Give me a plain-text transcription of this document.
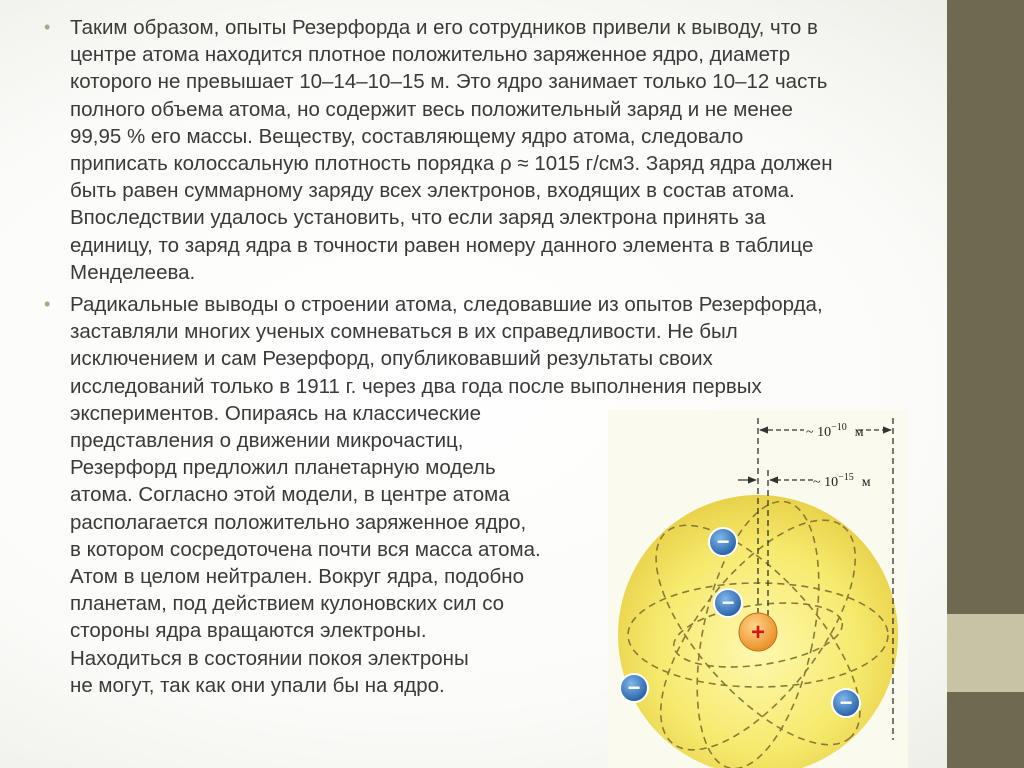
• Таким образом, опыты Резерфорда и его сотрудников привели к выводу, что в
центре атома находится плотное положительно заряженное ядро, диаметр
которого не превышает 10–14–10–15 м. Это ядро занимает только 10–12 часть
полного объема атома, но содержит весь положительный заряд и не менее
99,95 % его массы. Веществу, составляющему ядро атома, следовало
приписать колоссальную плотность порядка ρ ≈ 1015 г/см3. Заряд ядра должен
быть равен суммарному заряду всех электронов, входящих в состав атома.
Впоследствии удалось установить, что если заряд электрона принять за
единицу, то заряд ядра в точности равен номеру данного элемента в таблице
Менделеева.
• Радикальные выводы о строении атома, следовавшие из опытов Резерфорда,
заставляли многих ученых сомневаться в их справедливости. Не был
исключением и сам Резерфорд, опубликовавший результаты своих
исследований только в 1911 г. через два года после выполнения первых
экспериментов. Опираясь на классические
представления о движении микрочастиц,
Резерфорд предложил планетарную модель
атома. Согласно этой модели, в центре атома
располагается положительно заряженное ядро,
в котором сосредоточена почти вся масса атома.
Атом в целом нейтрален. Вокруг ядра, подобно
планетам, под действием кулоновских сил со
стороны ядра вращаются электроны.
Находиться в состоянии покоя электроны
не могут, так как они упали бы на ядро.
~ $10^{-10}$ м
~ $10^{-15}$ м
+
−
−
−
−
